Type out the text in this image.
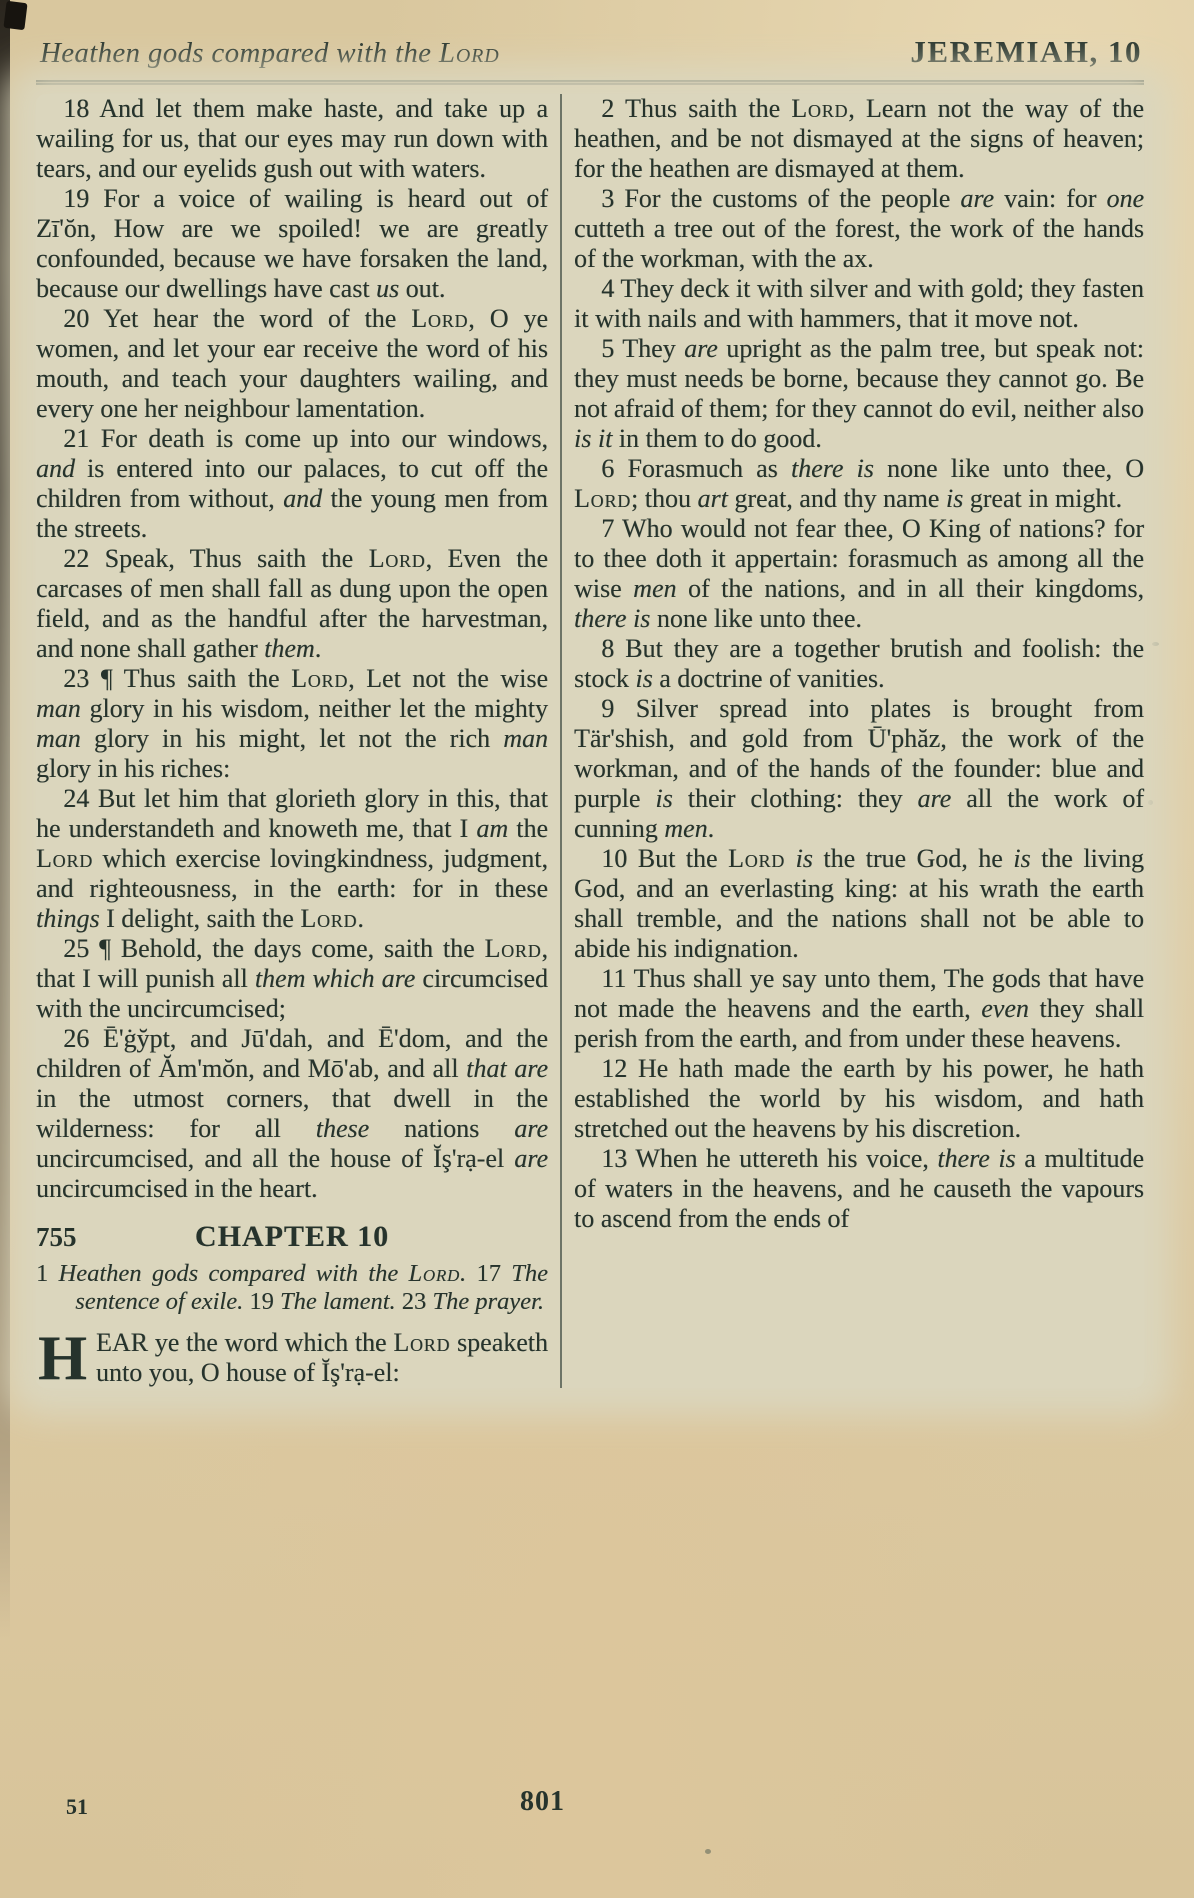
Heathen gods compared with the Lord	JEREMIAH, 10

18 And let them make haste, and take up a wailing for us, that our eyes may run down with tears, and our eyelids gush out with waters.

19 For a voice of wailing is heard out of Zī'ŏn, How are we spoiled! we are greatly confounded, because we have forsaken the land, because our dwellings have cast us out.

20 Yet hear the word of the Lord, O ye women, and let your ear receive the word of his mouth, and teach your daughters wailing, and every one her neighbour lamentation.

21 For death is come up into our windows, and is entered into our palaces, to cut off the children from without, and the young men from the streets.

22 Speak, Thus saith the Lord, Even the carcases of men shall fall as dung upon the open field, and as the handful after the harvestman, and none shall gather them.

23 ¶ Thus saith the Lord, Let not the wise man glory in his wisdom, neither let the mighty man glory in his might, let not the rich man glory in his riches:

24 But let him that glorieth glory in this, that he understandeth and knoweth me, that I am the Lord which exercise lovingkindness, judgment, and righteousness, in the earth: for in these things I delight, saith the Lord.

25 ¶ Behold, the days come, saith the Lord, that I will punish all them which are circumcised with the uncircumcised;

26 Ē'ġy̆pt, and Jū'dah, and Ē'dom, and the children of Ăm'mŏn, and Mō'ab, and all that are in the utmost corners, that dwell in the wilderness: for all these nations are uncircumcised, and all the house of Ĭş'rạ-el are uncircumcised in the heart.

755	CHAPTER 10

1 Heathen gods compared with the Lord. 17 The sentence of exile. 19 The lament. 23 The prayer.

HEAR ye the word which the Lord speaketh unto you, O house of Ĭş'rạ-el:

2 Thus saith the Lord, Learn not the way of the heathen, and be not dismayed at the signs of heaven; for the heathen are dismayed at them.

3 For the customs of the people are vain: for one cutteth a tree out of the forest, the work of the hands of the workman, with the ax.

4 They deck it with silver and with gold; they fasten it with nails and with hammers, that it move not.

5 They are upright as the palm tree, but speak not: they must needs be borne, because they cannot go. Be not afraid of them; for they cannot do evil, neither also is it in them to do good.

6 Forasmuch as there is none like unto thee, O Lord; thou art great, and thy name is great in might.

7 Who would not fear thee, O King of nations? for to thee doth it appertain: forasmuch as among all the wise men of the nations, and in all their kingdoms, there is none like unto thee.

8 But they are a together brutish and foolish: the stock is a doctrine of vanities.

9 Silver spread into plates is brought from Tär'shish, and gold from Ū'phăz, the work of the workman, and of the hands of the founder: blue and purple is their clothing: they are all the work of cunning men.

10 But the Lord is the true God, he is the living God, and an everlasting king: at his wrath the earth shall tremble, and the nations shall not be able to abide his indignation.

11 Thus shall ye say unto them, The gods that have not made the heavens and the earth, even they shall perish from the earth, and from under these heavens.

12 He hath made the earth by his power, he hath established the world by his wisdom, and hath stretched out the heavens by his discretion.

13 When he uttereth his voice, there is a multitude of waters in the heavens, and he causeth the vapours to ascend from the ends of

51	801
